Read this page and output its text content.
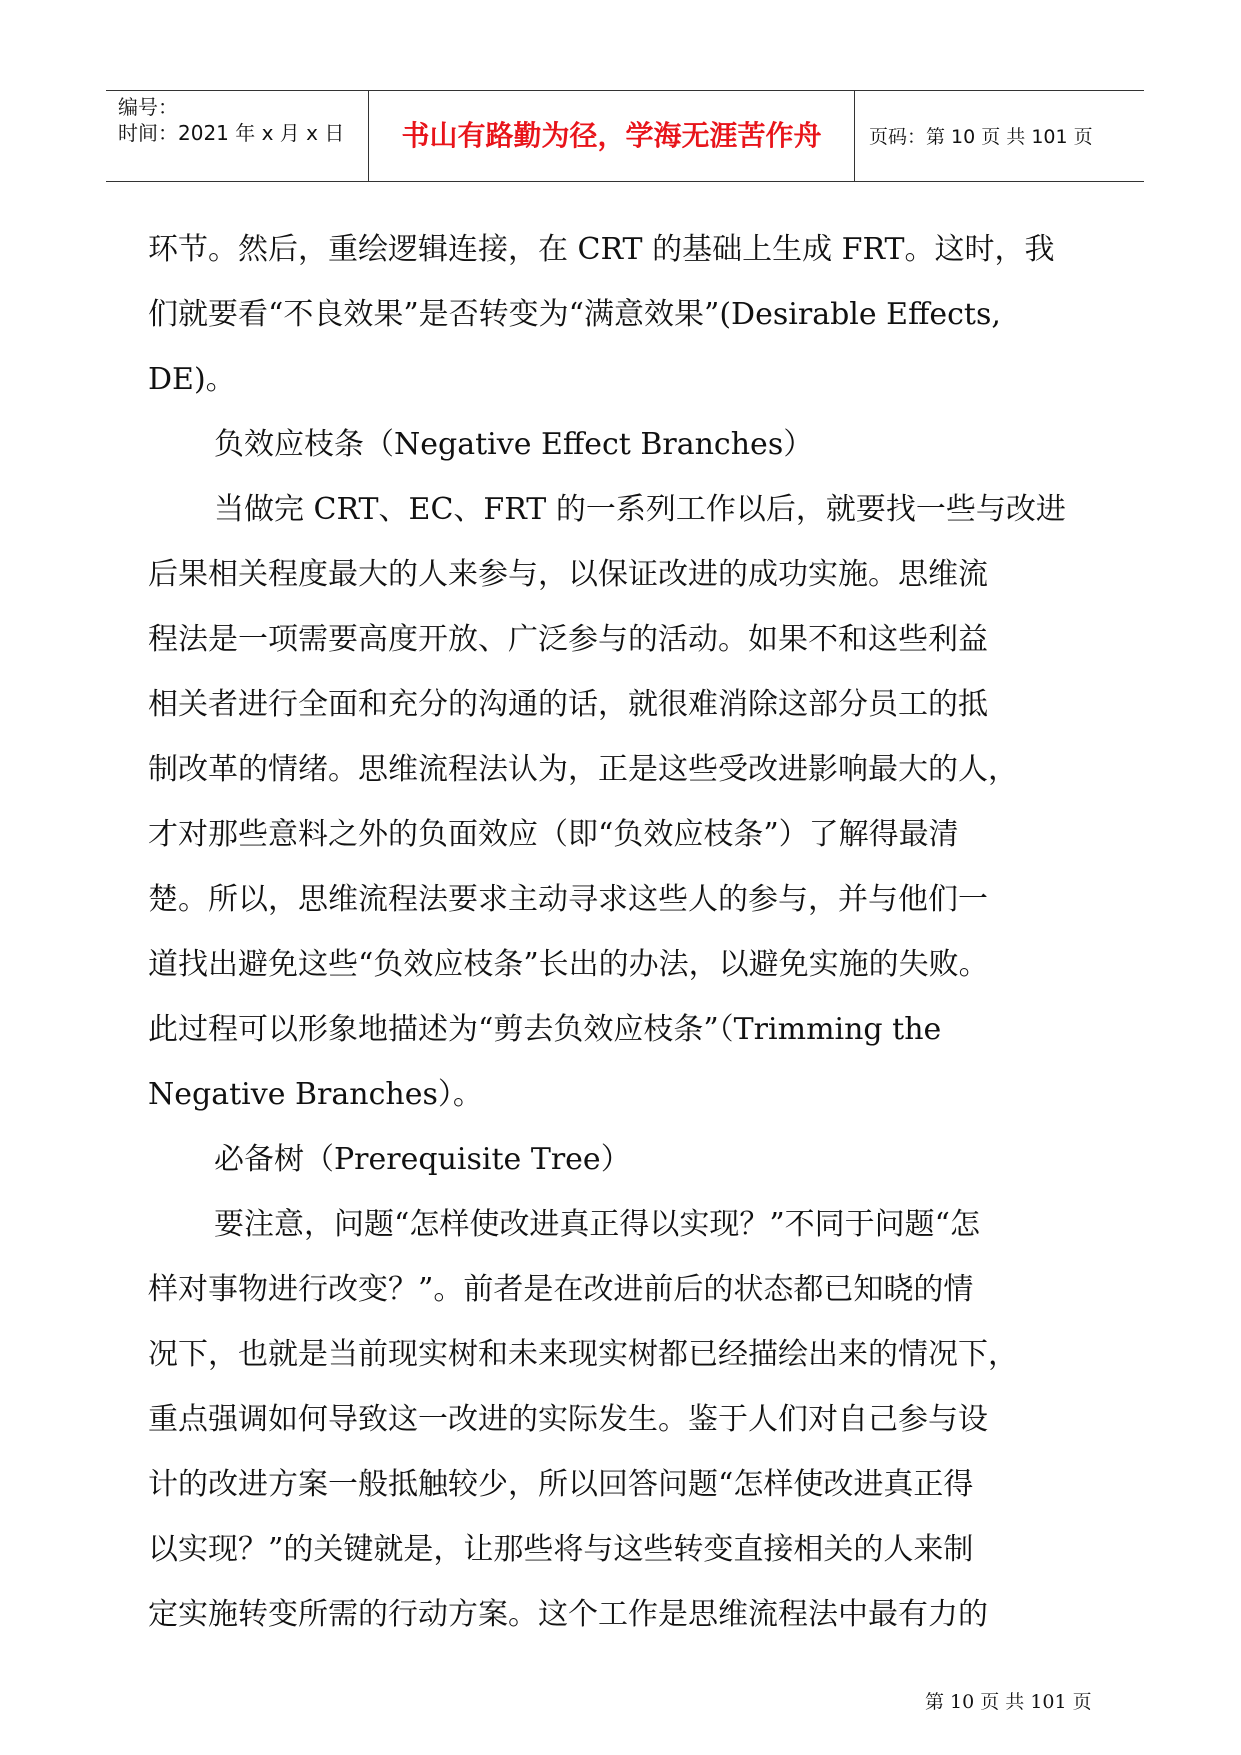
编号：
时间：2021 年 x 月 x 日	书山有路勤为径，学海无涯苦作舟	页码：第 10 页 共 101 页
环节。然后，重绘逻辑连接，在 CRT 的基础上生成 FRT。这时，我
们就要看“不良效果”是否转变为“满意效果”(Desirable Effects,
DE)。
负效应枝条（Negative Effect Branches）
当做完 CRT、EC、FRT 的一系列工作以后，就要找一些与改进
后果相关程度最大的人来参与，以保证改进的成功实施。思维流
程法是一项需要高度开放、广泛参与的活动。如果不和这些利益
相关者进行全面和充分的沟通的话，就很难消除这部分员工的抵
制改革的情绪。思维流程法认为，正是这些受改进影响最大的人，
才对那些意料之外的负面效应（即“负效应枝条”）了解得最清
楚。所以，思维流程法要求主动寻求这些人的参与，并与他们一
道找出避免这些“负效应枝条”长出的办法，以避免实施的失败。
此过程可以形象地描述为“剪去负效应枝条”（Trimming the
Negative Branches）。
必备树（Prerequisite Tree）
要注意，问题“怎样使改进真正得以实现？”不同于问题“怎
样对事物进行改变？”。前者是在改进前后的状态都已知晓的情
况下，也就是当前现实树和未来现实树都已经描绘出来的情况下，
重点强调如何导致这一改进的实际发生。鉴于人们对自己参与设
计的改进方案一般抵触较少，所以回答问题“怎样使改进真正得
以实现？”的关键就是，让那些将与这些转变直接相关的人来制
定实施转变所需的行动方案。这个工作是思维流程法中最有力的
第 10 页 共 101 页
